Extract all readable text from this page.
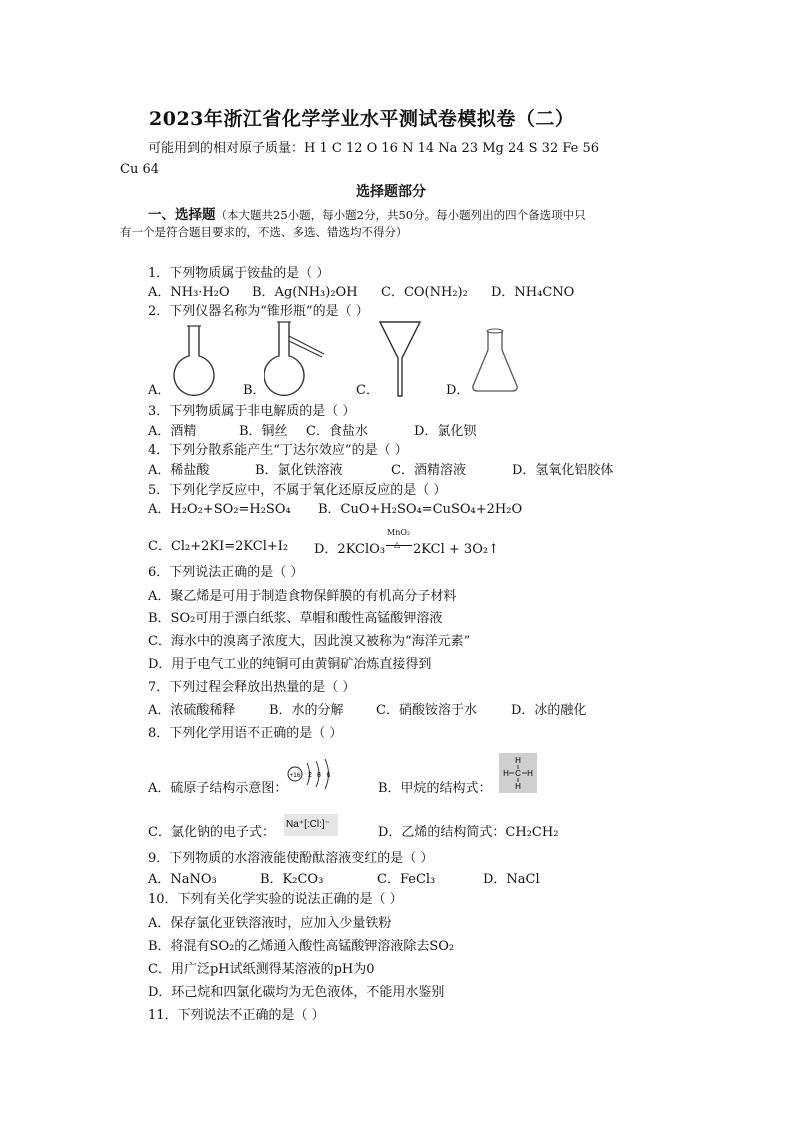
2023年浙江省化学学业水平测试卷模拟卷（二）
可能用到的相对原子质量：H 1 C 12 O 16 N 14 Na 23 Mg 24 S 32 Fe 56
Cu 64
选择题部分
一、选择题（本大题共25小题，每小题2分，共50分。每小题列出的四个备选项中只
有一个是符合题目要求的，不选、多选、错选均不得分）
1．下列物质属于铵盐的是（ ）
A．NH₃·H₂O B．Ag(NH₃)₂OH C．CO(NH₂)₂ D．NH₄CNO
2．下列仪器名称为“锥形瓶”的是（ ）
A．	B．	C．	D．
3．下列物质属于非电解质的是（ ）
A．酒精	B．铜丝 C．食盐水	D．氯化钡
4．下列分散系能产生“丁达尔效应”的是（ ）
A．稀盐酸	B．氯化铁溶液	C．酒精溶液	D．氢氧化铝胶体
5．下列化学反应中，不属于氧化还原反应的是（ ）
A．H₂O₂+SO₂=H₂SO₄ B．CuO+H₂SO₄=CuSO₄+2H₂O
C．Cl₂+2KI=2KCl+I₂ D．2KClO₃
MnO₂
△ 2KCl + 3O₂↑
6．下列说法正确的是（ ）
A．聚乙烯是可用于制造食物保鲜膜的有机高分子材料
B．SO₂可用于漂白纸浆、草帽和酸性高锰酸钾溶液
C．海水中的溴离子浓度大，因此溴又被称为“海洋元素”
D．用于电气工业的纯铜可由黄铜矿冶炼直接得到
7．下列过程会释放出热量的是（ ）
A．浓硫酸稀释	B．水的分解 C．硝酸铵溶于水	D．冰的融化
8．下列化学用语不正确的是（ ）
A．硫原子结构示意图：
+16 2 8 6
B．甲烷的结构式：
H
H C H
H
C．氯化钠的电子式：
Na⁺[:Cl:]⁻
D．乙烯的结构简式：CH₂CH₂
9．下列物质的水溶液能使酚酞溶液变红的是（ ）
A．NaNO₃	B．K₂CO₃	C．FeCl₃	D．NaCl
10．下列有关化学实验的说法正确的是（ ）
A．保存氯化亚铁溶液时，应加入少量铁粉
B．将混有SO₂的乙烯通入酸性高锰酸钾溶液除去SO₂
C．用广泛pH试纸测得某溶液的pH为0
D．环己烷和四氯化碳均为无色液体，不能用水鉴别
11．下列说法不正确的是（ ）
